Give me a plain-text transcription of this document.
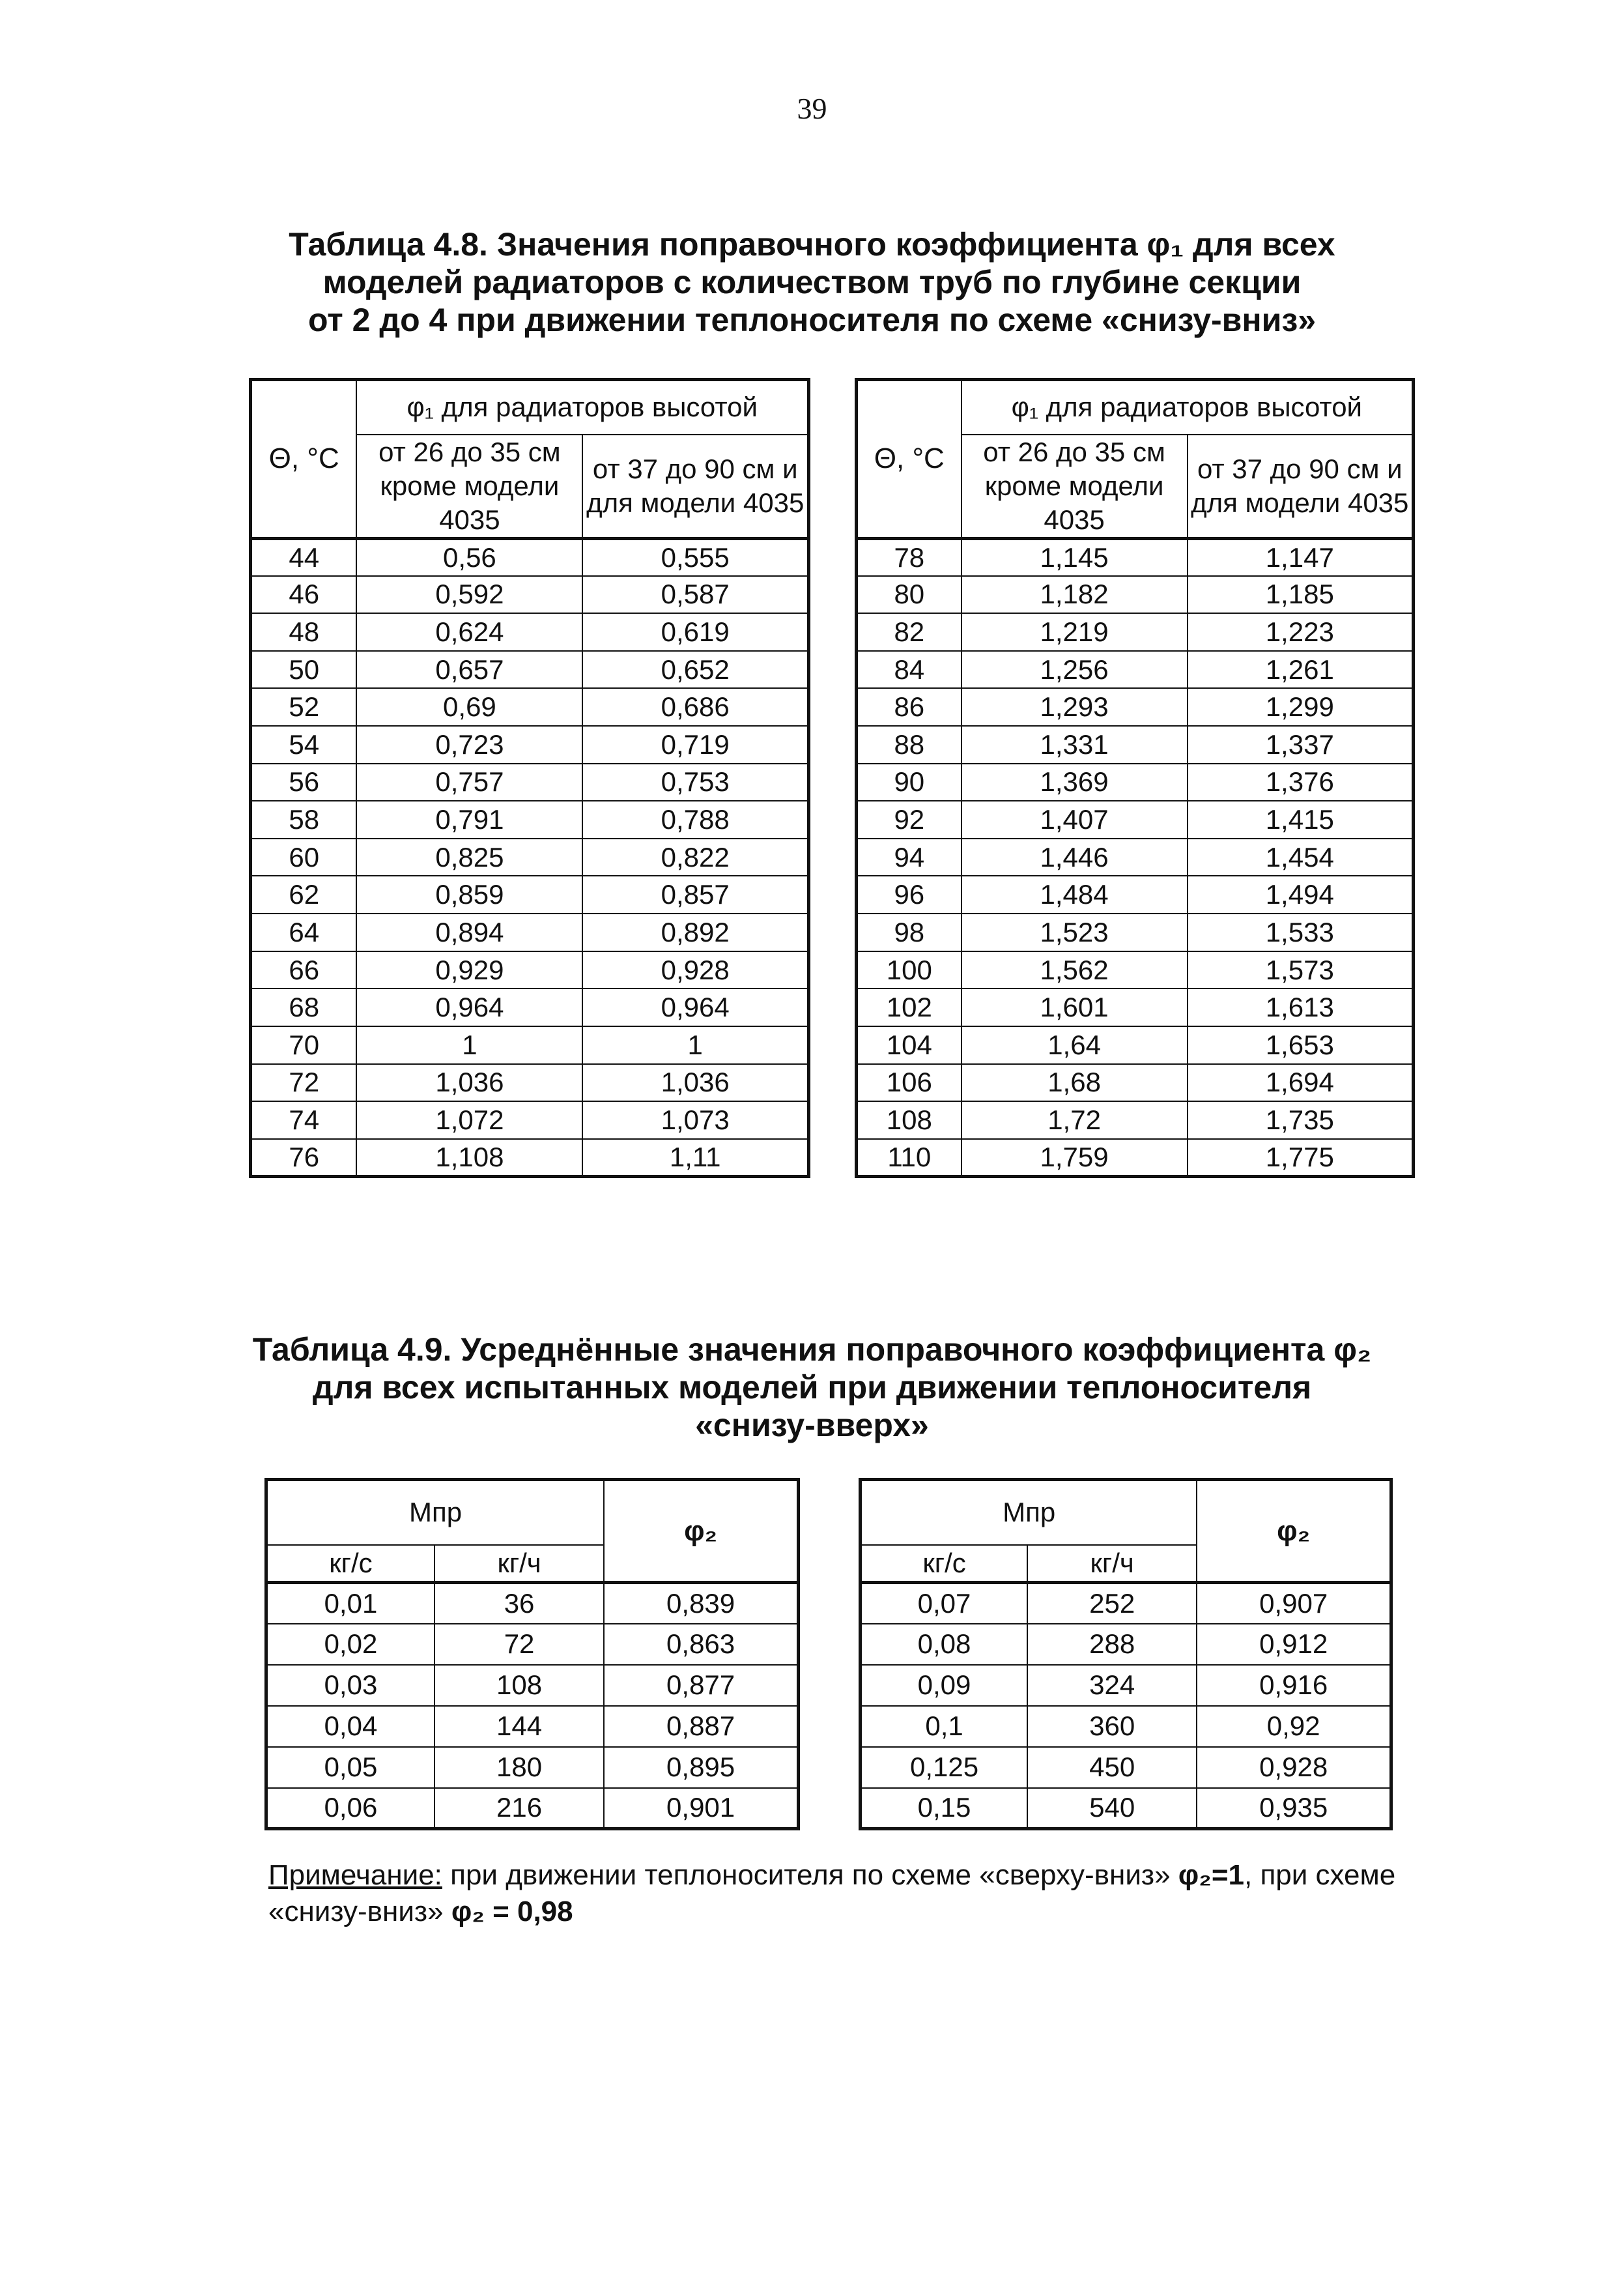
39
Таблица 4.8. Значения поправочного коэффициента φ₁ для всех
моделей радиаторов с количеством труб по глубине секции
от 2 до 4 при движении теплоносителя по схеме «снизу-вниз»
Θ, °C	φ₁ для радиаторов высотой	
	от 26 до 35 см кроме модели 4035	от 37 до 90 см и для модели 4035
44	0,56	0,555
46	0,592	0,587
48	0,624	0,619
50	0,657	0,652
52	0,69	0,686
54	0,723	0,719
56	0,757	0,753
58	0,791	0,788
60	0,825	0,822
62	0,859	0,857
64	0,894	0,892
66	0,929	0,928
68	0,964	0,964
70	1	1
72	1,036	1,036
74	1,072	1,073
76	1,108	1,11
Θ, °C	φ₁ для радиаторов высотой	
	от 26 до 35 см кроме модели 4035	от 37 до 90 см и для модели 4035
78	1,145	1,147
80	1,182	1,185
82	1,219	1,223
84	1,256	1,261
86	1,293	1,299
88	1,331	1,337
90	1,369	1,376
92	1,407	1,415
94	1,446	1,454
96	1,484	1,494
98	1,523	1,533
100	1,562	1,573
102	1,601	1,613
104	1,64	1,653
106	1,68	1,694
108	1,72	1,735
110	1,759	1,775
Таблица 4.9. Усреднённые значения поправочного коэффициента φ₂
для всех испытанных моделей при движении теплоносителя
«снизу-вверх»
Мпр		φ₂
кг/с	кг/ч	
0,01	36	0,839
0,02	72	0,863
0,03	108	0,877
0,04	144	0,887
0,05	180	0,895
0,06	216	0,901
Мпр		φ₂
кг/с	кг/ч	
0,07	252	0,907
0,08	288	0,912
0,09	324	0,916
0,1	360	0,92
0,125	450	0,928
0,15	540	0,935
Примечание: при движении теплоносителя по схеме «сверху-вниз» φ₂=1, при схеме «снизу-вниз» φ₂ = 0,98
